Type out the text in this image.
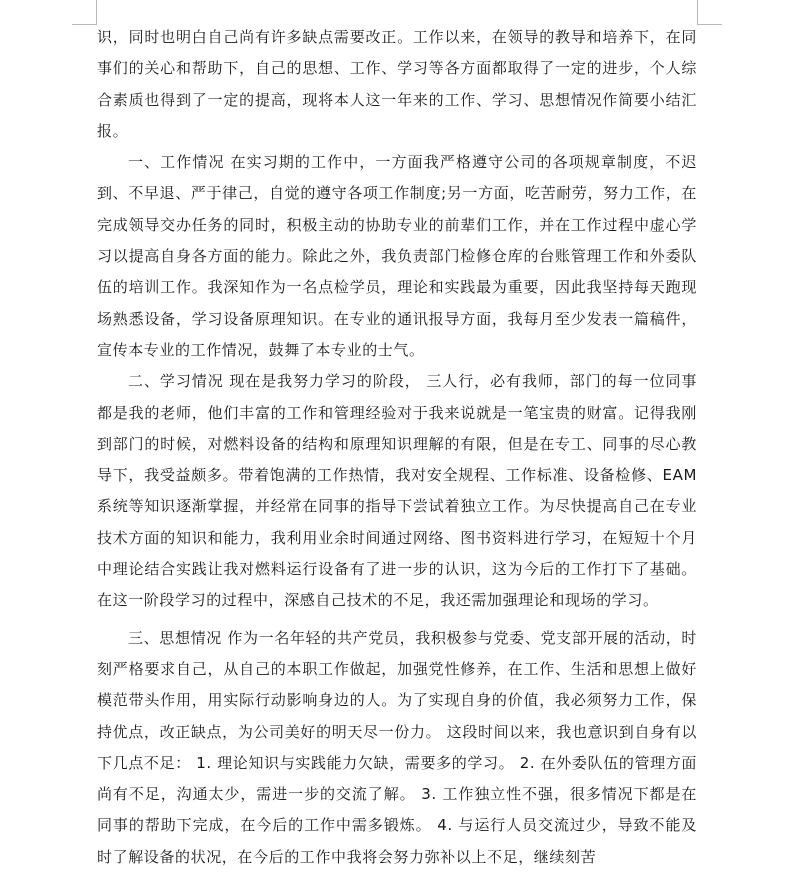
识，同时也明白自己尚有许多缺点需要改正。工作以来，在领导的教导和培养下，在同事们的关心和帮助下，自己的思想、工作、学习等各方面都取得了一定的进步，个人综合素质也得到了一定的提高，现将本人这一年来的工作、学习、思想情况作简要小结汇报。

一、工作情况 在实习期的工作中，一方面我严格遵守公司的各项规章制度，不迟到、不早退、严于律己，自觉的遵守各项工作制度;另一方面，吃苦耐劳，努力工作，在完成领导交办任务的同时，积极主动的协助专业的前辈们工作，并在工作过程中虚心学习以提高自身各方面的能力。除此之外，我负责部门检修仓库的台账管理工作和外委队伍的培训工作。我深知作为一名点检学员，理论和实践最为重要，因此我坚持每天跑现场熟悉设备，学习设备原理知识。在专业的通讯报导方面，我每月至少发表一篇稿件，宣传本专业的工作情况，鼓舞了本专业的士气。

二、学习情况 现在是我努力学习的阶段， 三人行，必有我师，部门的每一位同事都是我的老师，他们丰富的工作和管理经验对于我来说就是一笔宝贵的财富。记得我刚到部门的时候，对燃料设备的结构和原理知识理解的有限，但是在专工、同事的尽心教导下，我受益颇多。带着饱满的工作热情，我对安全规程、工作标准、设备检修、EAM系统等知识逐渐掌握，并经常在同事的指导下尝试着独立工作。为尽快提高自己在专业技术方面的知识和能力，我利用业余时间通过网络、图书资料进行学习，在短短十个月中理论结合实践让我对燃料运行设备有了进一步的认识，这为今后的工作打下了基础。在这一阶段学习的过程中，深感自己技术的不足，我还需加强理论和现场的学习。

三、思想情况 作为一名年轻的共产党员，我积极参与党委、党支部开展的活动，时刻严格要求自己，从自己的本职工作做起，加强党性修养，在工作、生活和思想上做好模范带头作用，用实际行动影响身边的人。为了实现自身的价值，我必须努力工作，保持优点，改正缺点，为公司美好的明天尽一份力。 这段时间以来，我也意识到自身有以下几点不足： 1. 理论知识与实践能力欠缺，需要多的学习。 2. 在外委队伍的管理方面尚有不足，沟通太少，需进一步的交流了解。 3. 工作独立性不强，很多情况下都是在同事的帮助下完成，在今后的工作中需多锻炼。 4. 与运行人员交流过少，导致不能及时了解设备的状况，在今后的工作中我将会努力弥补以上不足，继续刻苦
